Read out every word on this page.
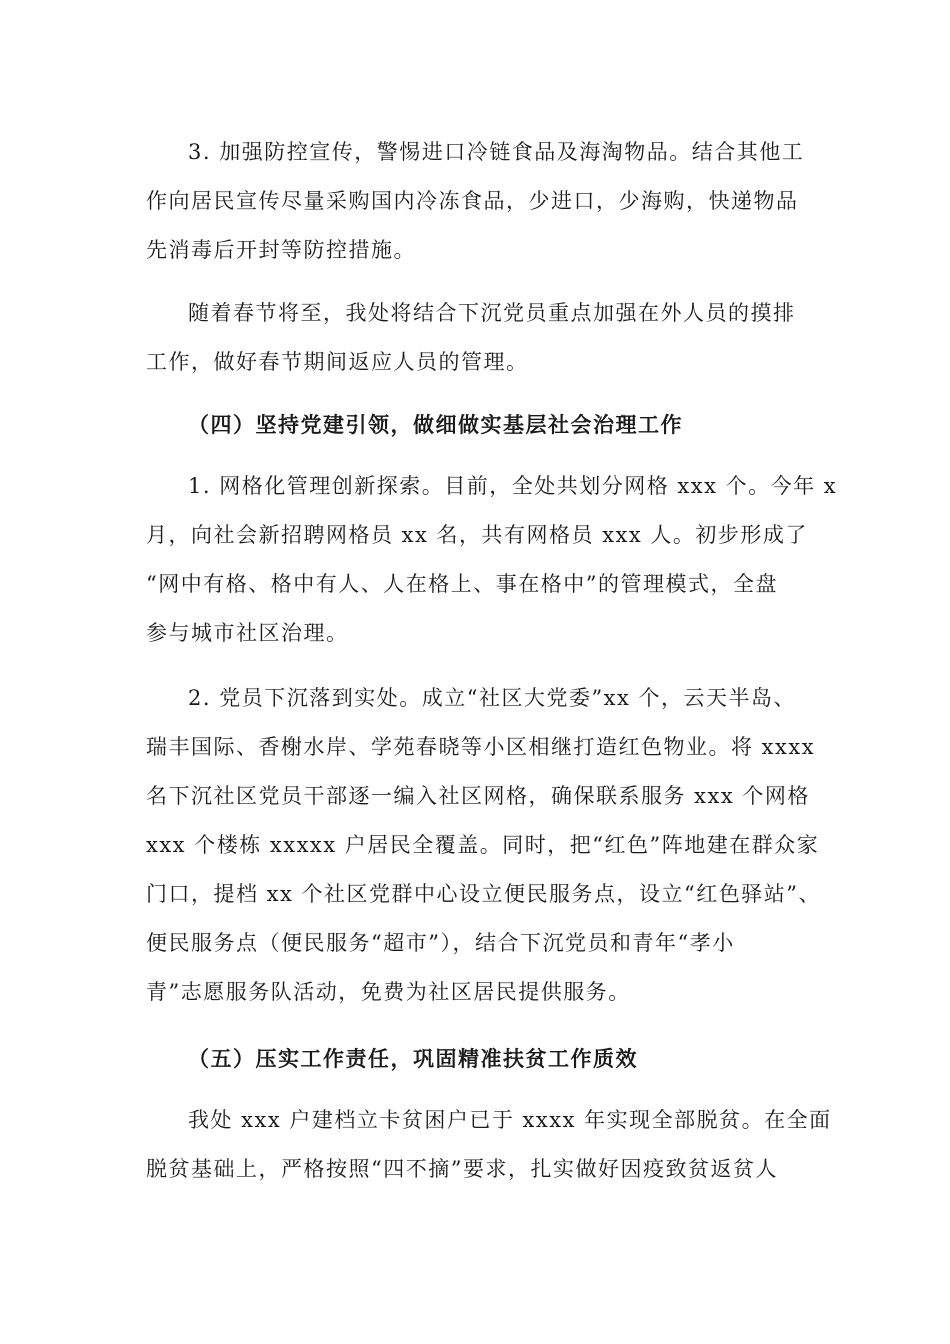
3. 加强防控宣传，警惕进口冷链食品及海淘物品。结合其他工
作向居民宣传尽量采购国内冷冻食品，少进口，少海购，快递物品
先消毒后开封等防控措施。

随着春节将至，我处将结合下沉党员重点加强在外人员的摸排
工作，做好春节期间返应人员的管理。

（四）坚持党建引领，做细做实基层社会治理工作

1. 网格化管理创新探索。目前，全处共划分网格 xxx 个。今年 x
月，向社会新招聘网格员 xx 名，共有网格员 xxx 人。初步形成了
“网中有格、格中有人、人在格上、事在格中”的管理模式，全盘
参与城市社区治理。

2. 党员下沉落到实处。成立“社区大党委”xx 个，云天半岛、
瑞丰国际、香榭水岸、学苑春晓等小区相继打造红色物业。将 xxxx
名下沉社区党员干部逐一编入社区网格，确保联系服务 xxx 个网格
xxx 个楼栋 xxxxx 户居民全覆盖。同时，把“红色”阵地建在群众家
门口，提档 xx 个社区党群中心设立便民服务点，设立“红色驿站”、
便民服务点（便民服务“超市”），结合下沉党员和青年“孝小
青”志愿服务队活动，免费为社区居民提供服务。

（五）压实工作责任，巩固精准扶贫工作质效

我处 xxx 户建档立卡贫困户已于 xxxx 年实现全部脱贫。在全面
脱贫基础上，严格按照“四不摘”要求，扎实做好因疫致贫返贫人
